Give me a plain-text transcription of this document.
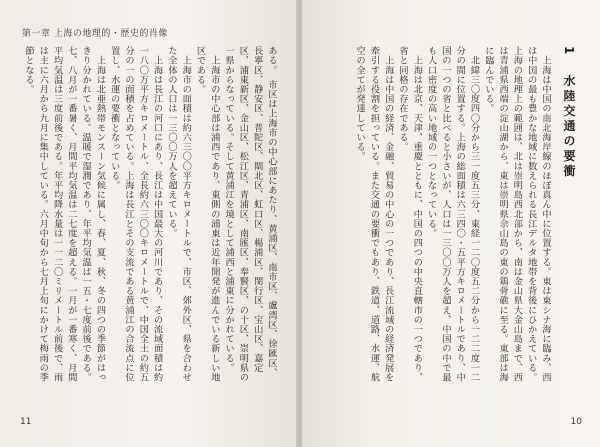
第一章 上海の地理的・歴史的肖像
ある。　市区は上海市の中心部にあたり、黄浦区、南市区、盧湾区、徐匯区、長寧区、静安区、普陀区、閘北区、虹口区、楊浦区、閔行区、宝山区、嘉定区、浦東新区、金山区、松江区、青浦区、南匯区、奉賢区、の十区、崇明県の一県からなっている。そして黄浦江を境として浦西と浦東に分かれている。
　上海市の中心部は浦西であり、東側の浦東は近年開発が進んでいる新しい地区である。
　上海市の面積は約六三〇〇平方キロメートルで、市区、郊外区、県を合わせた全体の人口は一三〇〇万人を超えている。
　上海は長江の河口にあり、長江は中国最大の河川であり、その流域面積は約一八〇万平方キロメートル、全長約六三〇〇キロメートルで、中国全土の約五分の一の面積を占めている。上海は長江とその支流である黄浦江の合流点に位置し、水運の要衝となっている。
　上海は北亜熱帯モンスーン気候に属し、春、夏、秋、冬の四つの季節がはっきり分かれている。温暖で湿潤であり、年平均気温は一五・七度前後である。七、八月が一番暑く、月間平均気温は二七度を超える。一月が一番寒く、月間平均気温は三度前後である。年平均降水量は一一二〇ミリメートル前後で、雨は主に六月から九月に集中している。六月中旬から七月上旬にかけて梅雨の季節となる。
11
1 水陸交通の要衝
　上海は中国の南北海岸線のほぼ真ん中に位置する。東は東シナ海に臨み、西は中国の最も豊かな地域に数えられる長江デルタ地帯を背後にひかえている。上海の地理上の範囲は、北は崇明島西北部から、南は金山県大金山島まで、西は青浦県西端の淀山湖から、東は崇明県佘山島の東の鶏骨礁に至る。東部は海に臨んでいる。
　北緯三〇度四〇分から三一度五三分、東経一二〇度五二分から一二二度一二分の間に位置する。上海の総面積は六三四〇・五平方キロメートルであり、中国の一つの省と比べると小さいが、人口は一三〇〇万人を超え、中国の中で最も人口密度の高い地域の一つとなっている。
　上海は北京、天津、重慶とともに、中国の四つの中央直轄市の一つであり、省と同格の存在である。
　上海は中国の経済、金融、貿易の中心の一つであり、長江流域の経済発展を牽引する役割を担っている。また交通の要衝でもあり、鉄道、道路、水運、航空の全てが発達している。
10
